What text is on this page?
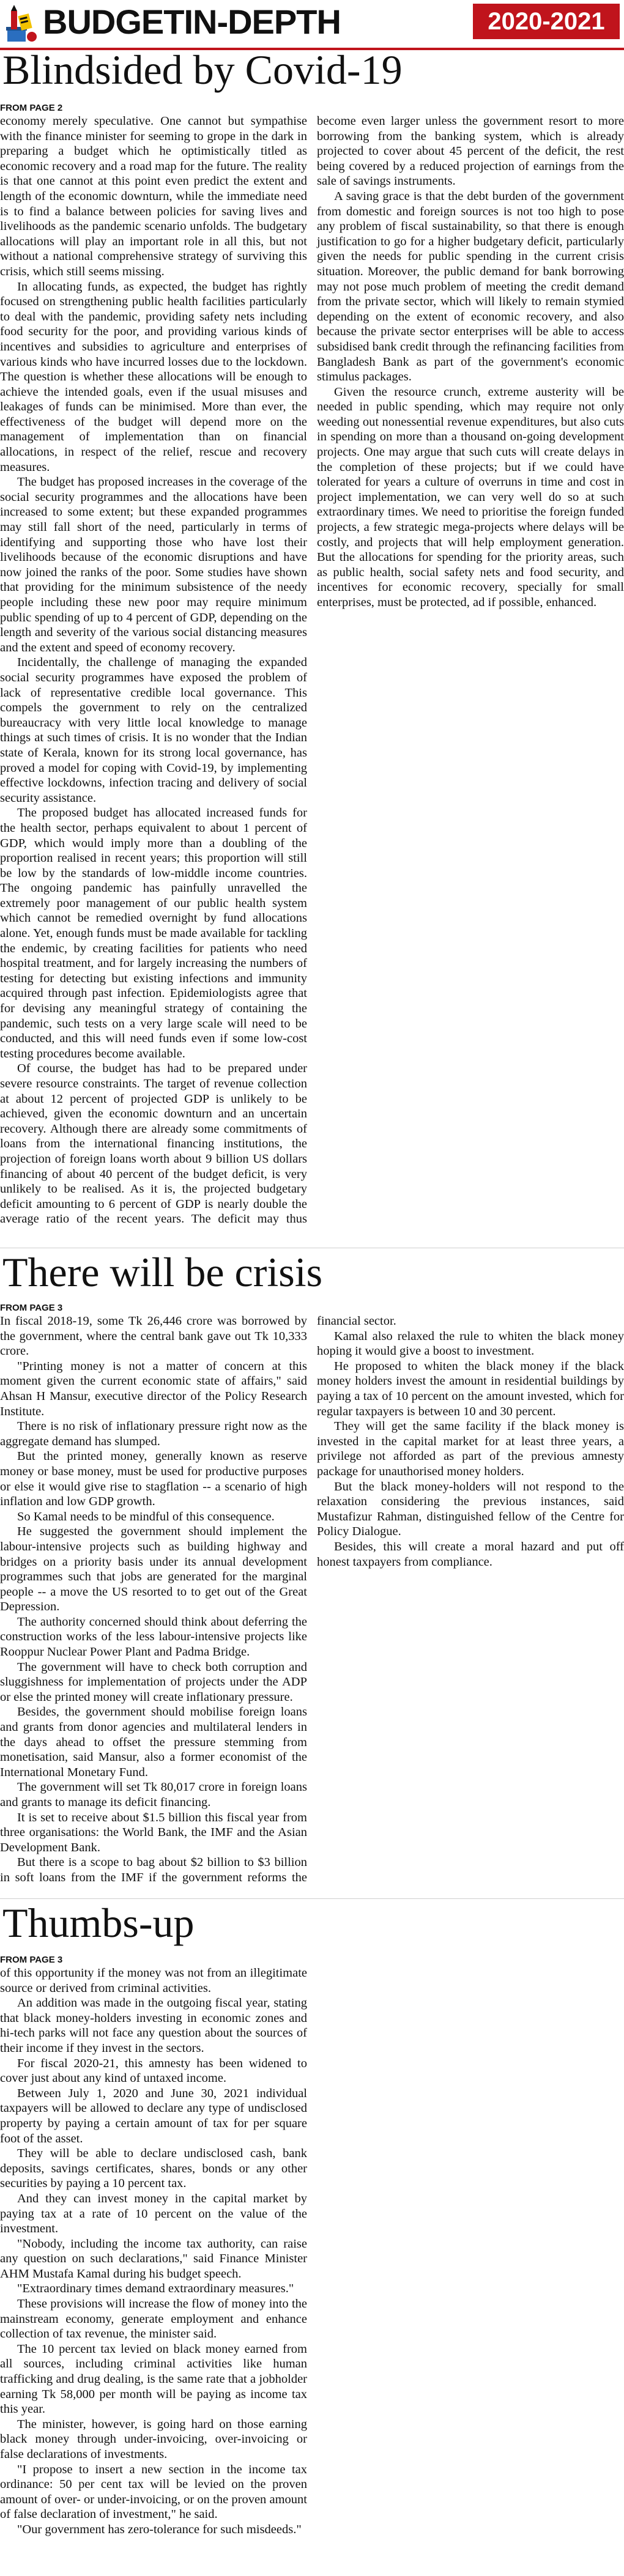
BUDGETIN-DEPTH	2020-2021
Blindsided by Covid-19
FROM PAGE 2

economy merely speculative. One cannot but sympathise with the finance minister for seeming to grope in the dark in preparing a budget which he optimistically titled as economic recovery and a road map for the future. The reality is that one cannot at this point even predict the extent and length of the economic downturn, while the immediate need is to find a balance between policies for saving lives and livelihoods as the pandemic scenario unfolds. The budgetary allocations will play an important role in all this, but not without a national comprehensive strategy of surviving this crisis, which still seems missing.

In allocating funds, as expected, the budget has rightly focused on strengthening public health facilities particularly to deal with the pandemic, providing safety nets including food security for the poor, and providing various kinds of incentives and subsidies to agriculture and enterprises of various kinds who have incurred losses due to the lockdown. The question is whether these allocations will be enough to achieve the intended goals, even if the usual misuses and leakages of funds can be minimised. More than ever, the effectiveness of the budget will depend more on the management of implementation than on financial allocations, in respect of the relief, rescue and recovery measures.

The budget has proposed increases in the coverage of the social security programmes and the allocations have been increased to some extent; but these expanded programmes may still fall short of the need, particularly in terms of identifying and supporting those who have lost their livelihoods because of the economic disruptions and have now joined the ranks of the poor. Some studies have shown that providing for the minimum subsistence of the needy people including these new poor may require minimum public spending of up to 4 percent of GDP, depending on the length and severity of the various social distancing measures and the extent and speed of economy recovery.

Incidentally, the challenge of managing the expanded social security programmes have exposed the problem of lack of representative credible local governance. This compels the government to rely on the centralized bureaucracy with very little local knowledge to manage things at such times of crisis. It is no wonder that the Indian state of Kerala, known for its strong local governance, has proved a model for coping with Covid-19, by implementing effective lockdowns, infection tracing and delivery of social security assistance.

The proposed budget has allocated increased funds for the health sector, perhaps equivalent to about 1 percent of GDP, which would imply more than a doubling of the proportion realised in recent years; this proportion will still be low by the standards of low-middle income countries. The ongoing pandemic has painfully unravelled the extremely poor management of our public health system which cannot be remedied overnight by fund allocations alone. Yet, enough funds must be made available for tackling the endemic, by creating facilities for patients who need hospital treatment, and for largely increasing the numbers of testing for detecting but existing infections and immunity acquired through past infection. Epidemiologists agree that for devising any meaningful strategy of containing the pandemic, such tests on a very large scale will need to be conducted, and this will need funds even if some low-cost testing procedures become available.

Of course, the budget has had to be prepared under severe resource constraints. The target of revenue collection at about 12 percent of projected GDP is unlikely to be achieved, given the economic downturn and an uncertain recovery. Although there are already some commitments of loans from the international financing institutions, the projection of foreign loans worth about 9 billion US dollars financing of about 40 percent of the budget deficit, is very unlikely to be realised. As it is, the projected budgetary deficit amounting to 6 percent of GDP is nearly double the average ratio of the recent years. The deficit may thus become even larger unless the government resort to more borrowing from the banking system, which is already projected to cover about 45 percent of the deficit, the rest being covered by a reduced projection of earnings from the sale of savings instruments.

A saving grace is that the debt burden of the government from domestic and foreign sources is not too high to pose any problem of fiscal sustainability, so that there is enough justification to go for a higher budgetary deficit, particularly given the needs for public spending in the current crisis situation. Moreover, the public demand for bank borrowing may not pose much problem of meeting the credit demand from the private sector, which will likely to remain stymied depending on the extent of economic recovery, and also because the private sector enterprises will be able to access subsidised bank credit through the refinancing facilities from Bangladesh Bank as part of the government's economic stimulus packages.

Given the resource crunch, extreme austerity will be needed in public spending, which may require not only weeding out nonessential revenue expenditures, but also cuts in spending on more than a thousand on-going development projects. One may argue that such cuts will create delays in the completion of these projects; but if we could have tolerated for years a culture of overruns in time and cost in project implementation, we can very well do so at such extraordinary times. We need to prioritise the foreign funded projects, a few strategic mega-projects where delays will be costly, and projects that will help employment generation. But the allocations for spending for the priority areas, such as public health, social safety nets and food security, and incentives for economic recovery, specially for small enterprises, must be protected, ad if possible, enhanced.

There will be crisis
FROM PAGE 3

In fiscal 2018-19, some Tk 26,446 crore was borrowed by the government, where the central bank gave out Tk 10,333 crore.

"Printing money is not a matter of concern at this moment given the current economic state of affairs," said Ahsan H Mansur, executive director of the Policy Research Institute.

There is no risk of inflationary pressure right now as the aggregate demand has slumped.

But the printed money, generally known as reserve money or base money, must be used for productive purposes or else it would give rise to stagflation -- a scenario of high inflation and low GDP growth.

So Kamal needs to be mindful of this consequence.

He suggested the government should implement the labour-intensive projects such as building highway and bridges on a priority basis under its annual development programmes such that jobs are generated for the marginal people -- a move the US resorted to to get out of the Great Depression.

The authority concerned should think about deferring the construction works of the less labour-intensive projects like Rooppur Nuclear Power Plant and Padma Bridge.

The government will have to check both corruption and sluggishness for implementation of projects under the ADP or else the printed money will create inflationary pressure.

Besides, the government should mobilise foreign loans and grants from donor agencies and multilateral lenders in the days ahead to offset the pressure stemming from monetisation, said Mansur, also a former economist of the International Monetary Fund.

The government will set Tk 80,017 crore in foreign loans and grants to manage its deficit financing.

It is set to receive about $1.5 billion this fiscal year from three organisations: the World Bank, the IMF and the Asian Development Bank.

But there is a scope to bag about $2 billion to $3 billion in soft loans from the IMF if the government reforms the financial sector.

Kamal also relaxed the rule to whiten the black money hoping it would give a boost to investment.

He proposed to whiten the black money if the black money holders invest the amount in residential buildings by paying a tax of 10 percent on the amount invested, which for regular taxpayers is between 10 and 30 percent.

They will get the same facility if the black money is invested in the capital market for at least three years, a privilege not afforded as part of the previous amnesty package for unauthorised money holders.

But the black money-holders will not respond to the relaxation considering the previous instances, said Mustafizur Rahman, distinguished fellow of the Centre for Policy Dialogue.

Besides, this will create a moral hazard and put off honest taxpayers from compliance.

Thumbs-up
FROM PAGE 3

of this opportunity if the money was not from an illegitimate source or derived from criminal activities.

An addition was made in the outgoing fiscal year, stating that black money-holders investing in economic zones and hi-tech parks will not face any question about the sources of their income if they invest in the sectors.

For fiscal 2020-21, this amnesty has been widened to cover just about any kind of untaxed income.

Between July 1, 2020 and June 30, 2021 individual taxpayers will be allowed to declare any type of undisclosed property by paying a certain amount of tax for per square foot of the asset.

They will be able to declare undisclosed cash, bank deposits, savings certificates, shares, bonds or any other securities by paying a 10 percent tax.

And they can invest money in the capital market by paying tax at a rate of 10 percent on the value of the investment.

"Nobody, including the income tax authority, can raise any question on such declarations," said Finance Minister AHM Mustafa Kamal during his budget speech.

"Extraordinary times demand extraordinary measures."

These provisions will increase the flow of money into the mainstream economy, generate employment and enhance collection of tax revenue, the minister said.

The 10 percent tax levied on black money earned from all sources, including criminal activities like human trafficking and drug dealing, is the same rate that a jobholder earning Tk 58,000 per month will be paying as income tax this year.

The minister, however, is going hard on those earning black money through under-invoicing, over-invoicing or false declarations of investments.

"I propose to insert a new section in the income tax ordinance: 50 per cent tax will be levied on the proven amount of over- or under-invoicing, or on the proven amount of false declaration of investment," he said.

"Our government has zero-tolerance for such misdeeds."
